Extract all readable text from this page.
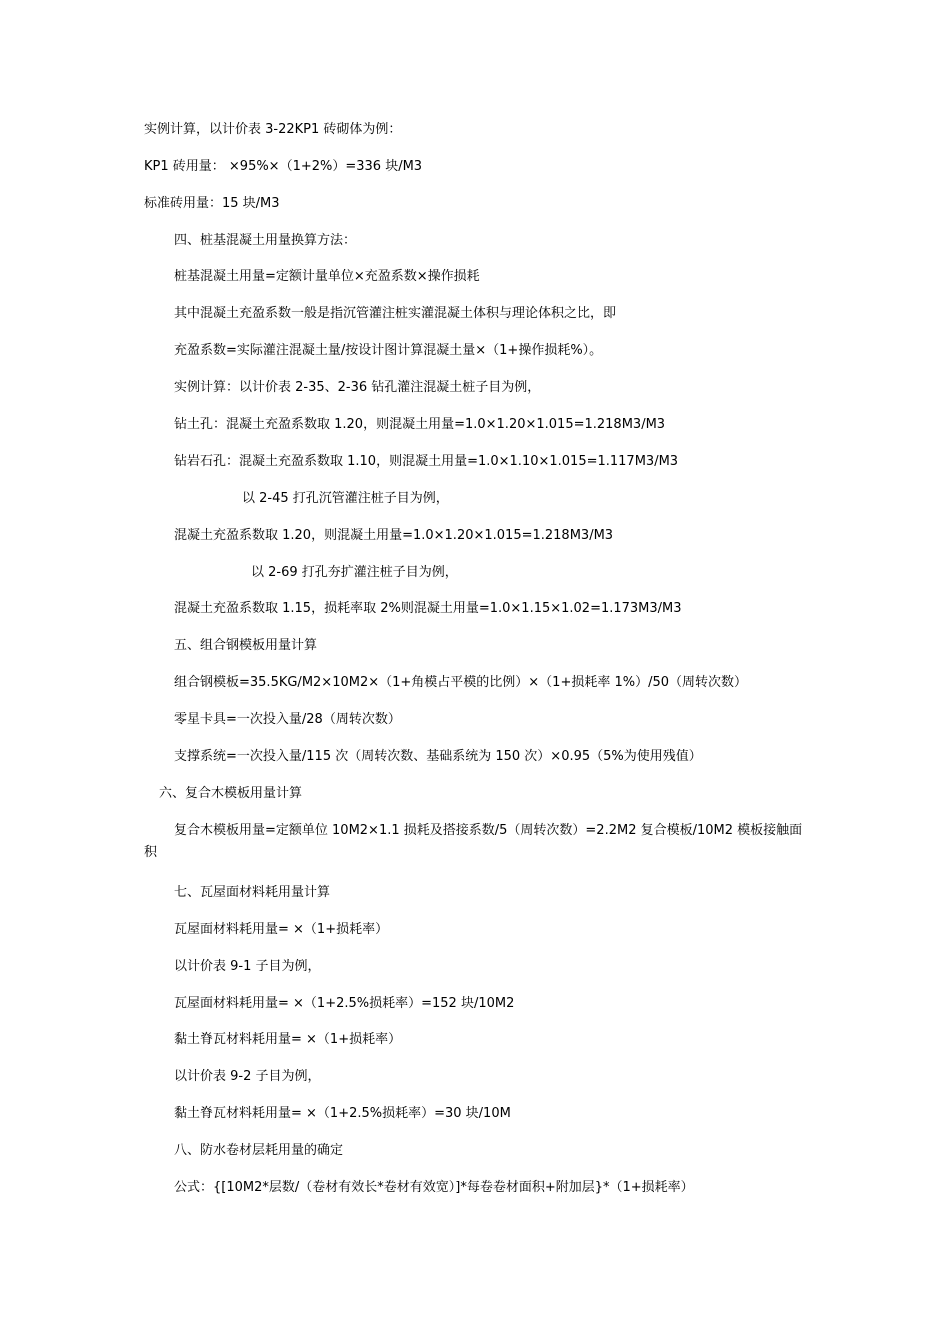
实例计算，以计价表 3-22KP1 砖砌体为例：
KP1 砖用量： ×95%×（1+2%）=336 块/M3
标准砖用量：15 块/M3
四、桩基混凝土用量换算方法：
桩基混凝土用量=定额计量单位×充盈系数×操作损耗
其中混凝土充盈系数一般是指沉管灌注桩实灌混凝土体积与理论体积之比，即
充盈系数=实际灌注混凝土量/按设计图计算混凝土量×（1+操作损耗%）。
实例计算：以计价表 2-35、2-36 钻孔灌注混凝土桩子目为例，
钻土孔：混凝土充盈系数取 1.20，则混凝土用量=1.0×1.20×1.015=1.218M3/M3
钻岩石孔：混凝土充盈系数取 1.10，则混凝土用量=1.0×1.10×1.015=1.117M3/M3
以 2-45 打孔沉管灌注桩子目为例，
混凝土充盈系数取 1.20，则混凝土用量=1.0×1.20×1.015=1.218M3/M3
以 2-69 打孔夯扩灌注桩子目为例，
混凝土充盈系数取 1.15，损耗率取 2%则混凝土用量=1.0×1.15×1.02=1.173M3/M3
五、组合钢模板用量计算
组合钢模板=35.5KG/M2×10M2×（1+角模占平模的比例）×（1+损耗率 1%）/50（周转次数）
零星卡具=一次投入量/28（周转次数）
支撑系统=一次投入量/115 次（周转次数、基础系统为 150 次）×0.95（5%为使用残值）
六、复合木模板用量计算
复合木模板用量=定额单位 10M2×1.1 损耗及搭接系数/5（周转次数）=2.2M2 复合模板/10M2 模板接触面积
七、瓦屋面材料耗用量计算
瓦屋面材料耗用量= ×（1+损耗率）
以计价表 9-1 子目为例，
瓦屋面材料耗用量= ×（1+2.5%损耗率）=152 块/10M2
黏土脊瓦材料耗用量= ×（1+损耗率）
以计价表 9-2 子目为例，
黏土脊瓦材料耗用量= ×（1+2.5%损耗率）=30 块/10M
八、防水卷材层耗用量的确定
公式：{[10M2*层数/（卷材有效长*卷材有效宽）]*每卷卷材面积+附加层}*（1+损耗率）
